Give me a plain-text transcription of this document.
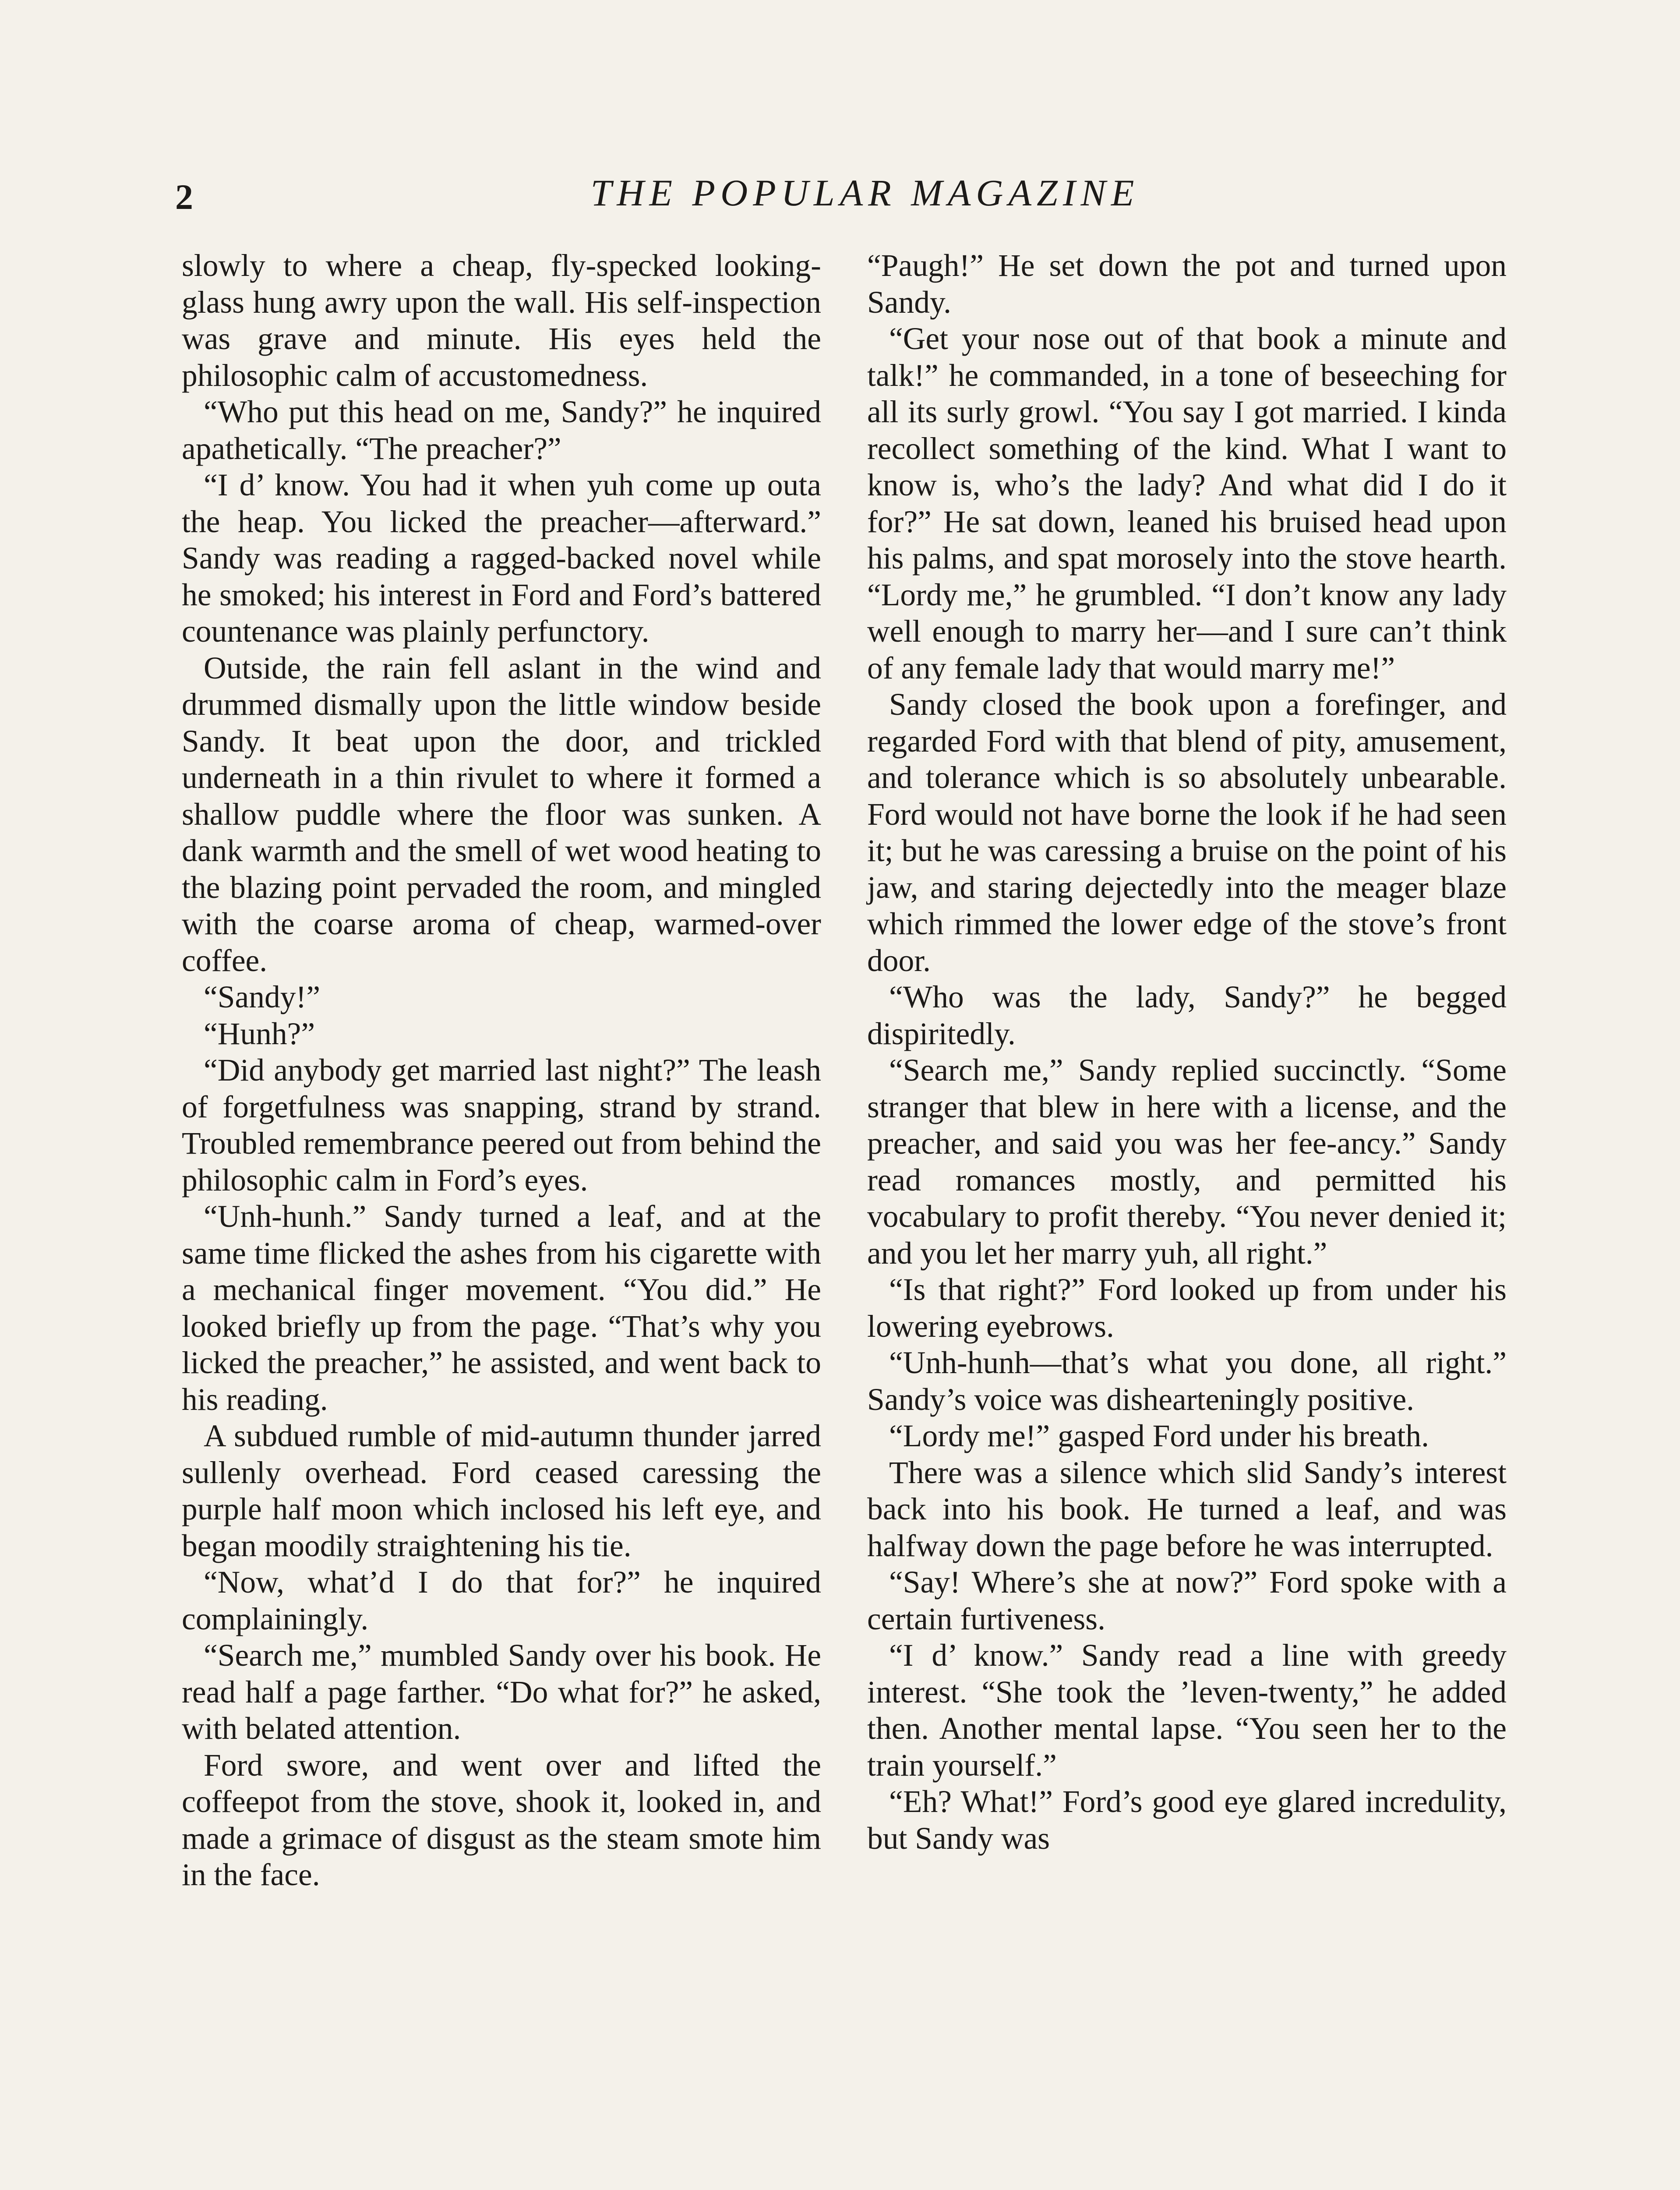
2	THE POPULAR MAGAZINE

slowly to where a cheap, fly-specked looking-glass hung awry upon the wall. His self-inspection was grave and minute. His eyes held the philosophic calm of accustomedness.

“Who put this head on me, Sandy?” he inquired apathetically. “The preacher?”

“I d’ know. You had it when yuh come up outa the heap. You licked the preacher—afterward.” Sandy was reading a ragged-backed novel while he smoked; his interest in Ford and Ford’s battered countenance was plainly perfunctory.

Outside, the rain fell aslant in the wind and drummed dismally upon the little window beside Sandy. It beat upon the door, and trickled underneath in a thin rivulet to where it formed a shallow puddle where the floor was sunken. A dank warmth and the smell of wet wood heating to the blazing point pervaded the room, and mingled with the coarse aroma of cheap, warmed-over coffee.

“Sandy!”

“Hunh?”

“Did anybody get married last night?” The leash of forgetfulness was snapping, strand by strand. Troubled remembrance peered out from behind the philosophic calm in Ford’s eyes.

“Unh-hunh.” Sandy turned a leaf, and at the same time flicked the ashes from his cigarette with a mechanical finger movement. “You did.” He looked briefly up from the page. “That’s why you licked the preacher,” he assisted, and went back to his reading.

A subdued rumble of mid-autumn thunder jarred sullenly overhead. Ford ceased caressing the purple half moon which inclosed his left eye, and began moodily straightening his tie.

“Now, what’d I do that for?” he inquired complainingly.

“Search me,” mumbled Sandy over his book. He read half a page farther. “Do what for?” he asked, with belated attention.

Ford swore, and went over and lifted the coffeepot from the stove, shook it, looked in, and made a grimace of disgust as the steam smote him in the face.

“Paugh!” He set down the pot and turned upon Sandy.

“Get your nose out of that book a minute and talk!” he commanded, in a tone of beseeching for all its surly growl. “You say I got married. I kinda recollect something of the kind. What I want to know is, who’s the lady? And what did I do it for?” He sat down, leaned his bruised head upon his palms, and spat morosely into the stove hearth. “Lordy me,” he grumbled. “I don’t know any lady well enough to marry her—and I sure can’t think of any female lady that would marry me!”

Sandy closed the book upon a forefinger, and regarded Ford with that blend of pity, amusement, and tolerance which is so absolutely unbearable. Ford would not have borne the look if he had seen it; but he was caressing a bruise on the point of his jaw, and staring dejectedly into the meager blaze which rimmed the lower edge of the stove’s front door.

“Who was the lady, Sandy?” he begged dispiritedly.

“Search me,” Sandy replied succinctly. “Some stranger that blew in here with a license, and the preacher, and said you was her fee-ancy.” Sandy read romances mostly, and permitted his vocabulary to profit thereby. “You never denied it; and you let her marry yuh, all right.”

“Is that right?” Ford looked up from under his lowering eyebrows.

“Unh-hunh—that’s what you done, all right.” Sandy’s voice was dishearteningly positive.

“Lordy me!” gasped Ford under his breath.

There was a silence which slid Sandy’s interest back into his book. He turned a leaf, and was halfway down the page before he was interrupted.

“Say! Where’s she at now?” Ford spoke with a certain furtiveness.

“I d’ know.” Sandy read a line with greedy interest. “She took the ’leven-twenty,” he added then. Another mental lapse. “You seen her to the train yourself.”

“Eh? What!” Ford’s good eye glared incredulity, but Sandy was
